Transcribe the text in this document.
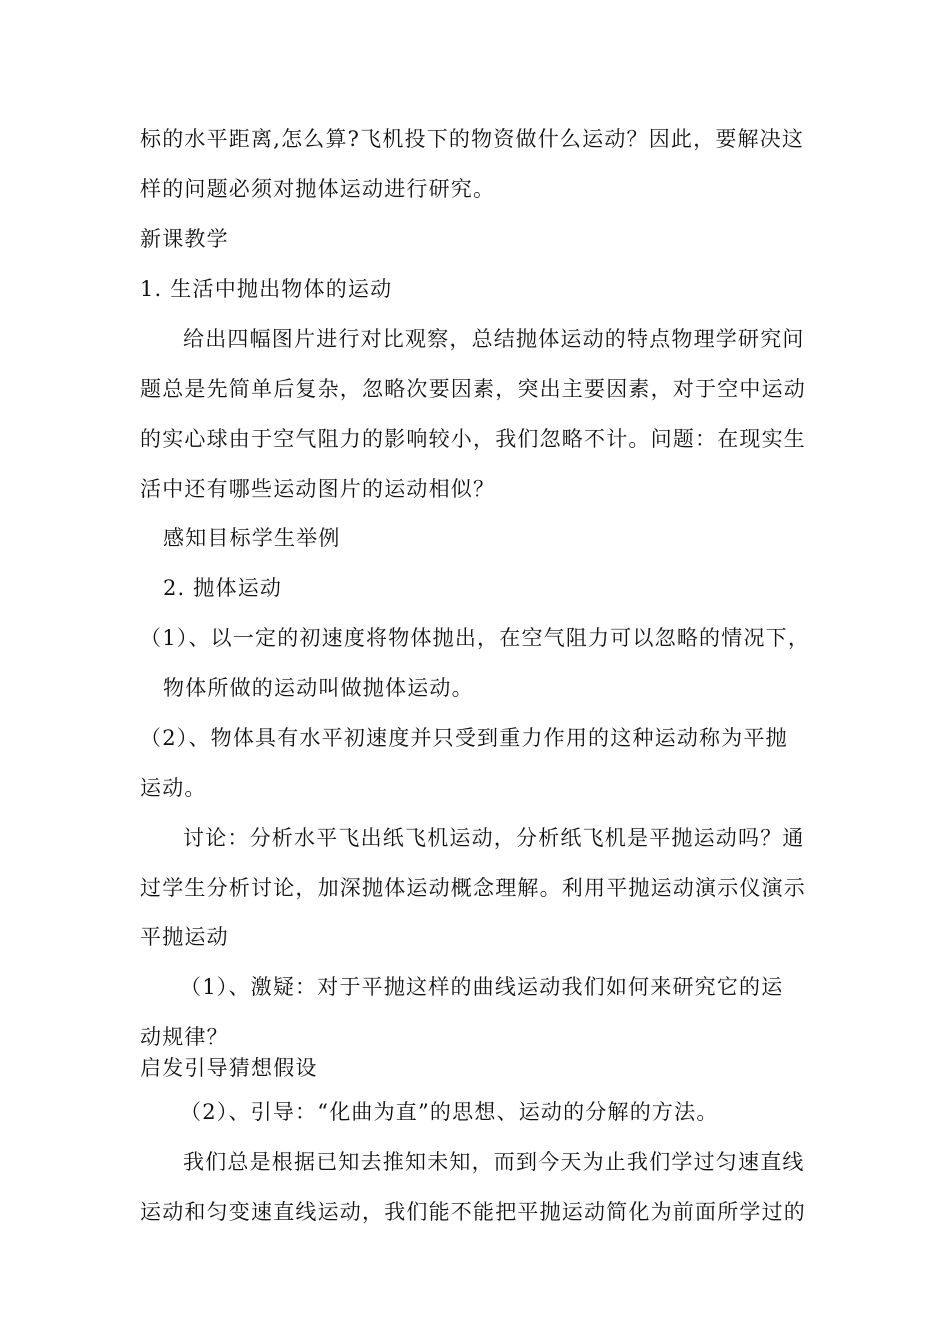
标的水平距离,怎么算?飞机投下的物资做什么运动？因此，要解决这
样的问题必须对抛体运动进行研究。
新课教学
1. 生活中抛出物体的运动
给出四幅图片进行对比观察，总结抛体运动的特点物理学研究问
题总是先简单后复杂，忽略次要因素，突出主要因素，对于空中运动
的实心球由于空气阻力的影响较小，我们忽略不计。问题：在现实生
活中还有哪些运动图片的运动相似？
感知目标学生举例
2. 抛体运动
（1）、以一定的初速度将物体抛出，在空气阻力可以忽略的情况下，
物体所做的运动叫做抛体运动。
（2）、物体具有水平初速度并只受到重力作用的这种运动称为平抛
运动。
讨论：分析水平飞出纸飞机运动，分析纸飞机是平抛运动吗？通
过学生分析讨论，加深抛体运动概念理解。利用平抛运动演示仪演示
平抛运动
（1）、激疑：对于平抛这样的曲线运动我们如何来研究它的运
动规律？
启发引导猜想假设
（2）、引导：“化曲为直”的思想、运动的分解的方法。
我们总是根据已知去推知未知，而到今天为止我们学过匀速直线
运动和匀变速直线运动，我们能不能把平抛运动简化为前面所学过的
